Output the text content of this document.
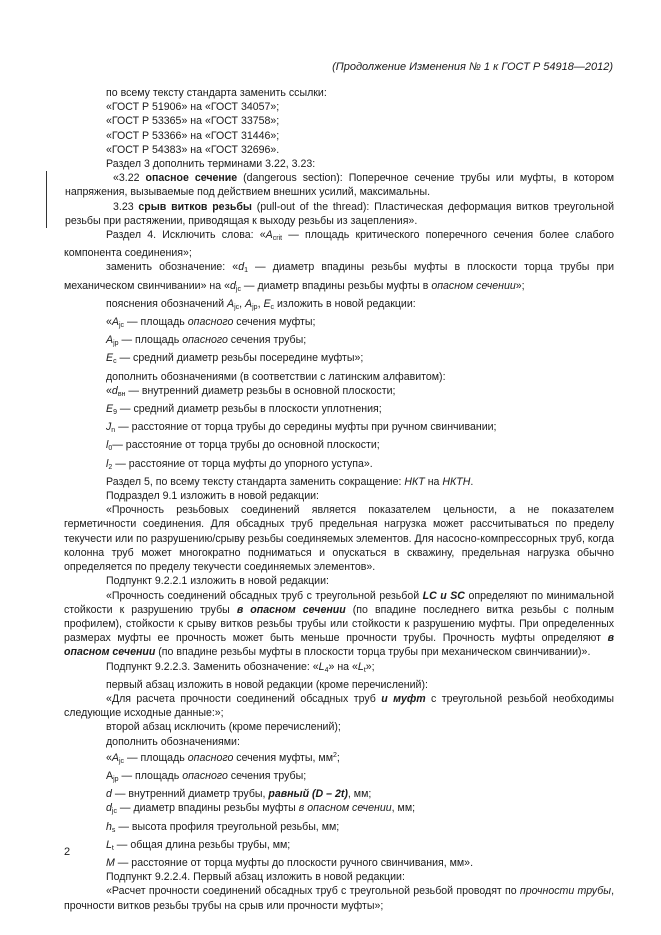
(Продолжение Изменения № 1 к ГОСТ Р 54918—2012)

по всему тексту стандарта заменить ссылки:

«ГОСТ Р 51906» на «ГОСТ 34057»;

«ГОСТ Р 53365» на «ГОСТ 33758»;

«ГОСТ Р 53366» на «ГОСТ 31446»;

«ГОСТ Р 54383» на «ГОСТ 32696».

Раздел 3 дополнить терминами 3.22, 3.23:

«3.22 опасное сечение (dangerous section): Поперечное сечение трубы или муфты, в котором напряжения, вызываемые под действием внешних усилий, максимальны.

3.23 срыв витков резьбы (pull-out of the thread): Пластическая деформация витков треугольной резьбы при растяжении, приводящая к выходу резьбы из зацепления».

Раздел 4. Исключить слова: «$A_{crit}$ — площадь критического поперечного сечения более слабого компонента соединения»;

заменить обозначение: «$d_1$ — диаметр впадины резьбы муфты в плоскости торца трубы при механическом свинчивании» на «$d_{jc}$ — диаметр впадины резьбы муфты в опасном сечении»;

пояснения обозначений $A_{jc}$, $A_{jp}$, $E_c$ изложить в новой редакции:

«$A_{jc}$ — площадь опасного сечения муфты;

$A_{jp}$ — площадь опасного сечения трубы;

$E_c$ — средний диаметр резьбы посередине муфты»;

дополнить обозначениями (в соответствии с латинским алфавитом):

«$d_{вн}$ — внутренний диаметр резьбы в основной плоскости;

$E_9$ — средний диаметр резьбы в плоскости уплотнения;

$J_n$ — расстояние от торца трубы до середины муфты при ручном свинчивании;

$l_0—$ расстояние от торца трубы до основной плоскости;

$l_2$ — расстояние от торца муфты до упорного уступа».

Раздел 5, по всему тексту стандарта заменить сокращение: НКТ на НКТН.

Подраздел 9.1 изложить в новой редакции:

«Прочность резьбовых соединений является показателем цельности, а не показателем герметичности соединения. Для обсадных труб предельная нагрузка может рассчитываться по пределу текучести или по разрушению/срыву резьбы соединяемых элементов. Для насосно-компрессорных труб, когда колонна труб может многократно подниматься и опускаться в скважину, предельная нагрузка обычно определяется по пределу текучести соединяемых элементов».

Подпункт 9.2.2.1 изложить в новой редакции:

«Прочность соединений обсадных труб с треугольной резьбой LC и SC определяют по минимальной стойкости к разрушению трубы в опасном сечении (по впадине последнего витка резьбы с полным профилем), стойкости к срыву витков резьбы трубы или стойкости к разрушению муфты. При определенных размерах муфты ее прочность может быть меньше прочности трубы. Прочность муфты определяют в опасном сечении (по впадине резьбы муфты в плоскости торца трубы при механическом свинчивании)».

Подпункт 9.2.2.3. Заменить обозначение: «$L_4$» на «$L_t$»;

первый абзац изложить в новой редакции (кроме перечислений):

«Для расчета прочности соединений обсадных труб и муфт с треугольной резьбой необходимы следующие исходные данные:»;

второй абзац исключить (кроме перечислений);

дополнить обозначениями:

«$A_{jc}$ — площадь опасного сечения муфты, $мм^2$;

$A_{jp}$ — площадь опасного сечения трубы;

d — внутренний диаметр трубы, равный (D – 2t), мм;

$d_{jc}$ — диаметр впадины резьбы муфты в опасном сечении, мм;

$h_s$ — высота профиля треугольной резьбы, мм;

$L_t$ — общая длина резьбы трубы, мм;

M — расстояние от торца муфты до плоскости ручного свинчивания, мм».

Подпункт 9.2.2.4. Первый абзац изложить в новой редакции:

«Расчет прочности соединений обсадных труб с треугольной резьбой проводят по прочности трубы, прочности витков резьбы трубы на срыв или прочности муфты»;

2
